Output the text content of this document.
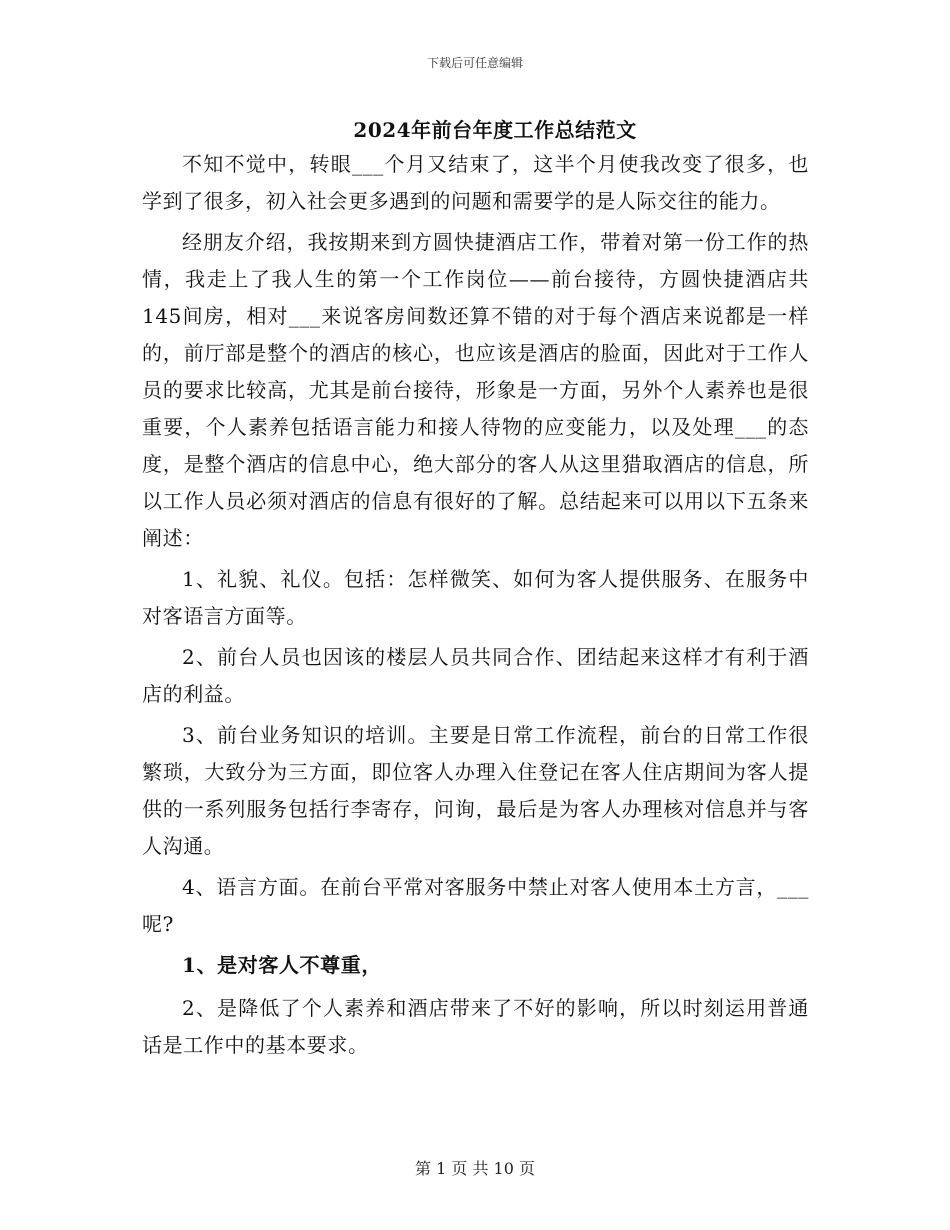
下载后可任意编辑
2024年前台年度工作总结范文

不知不觉中，转眼___个月又结束了，这半个月使我改变了很多，也学到了很多，初入社会更多遇到的问题和需要学的是人际交往的能力。

经朋友介绍，我按期来到方圆快捷酒店工作，带着对第一份工作的热情，我走上了我人生的第一个工作岗位——前台接待，方圆快捷酒店共145间房，相对___来说客房间数还算不错的对于每个酒店来说都是一样的，前厅部是整个的酒店的核心，也应该是酒店的脸面，因此对于工作人员的要求比较高，尤其是前台接待，形象是一方面，另外个人素养也是很重要，个人素养包括语言能力和接人待物的应变能力，以及处理___的态度，是整个酒店的信息中心，绝大部分的客人从这里猎取酒店的信息，所以工作人员必须对酒店的信息有很好的了解。总结起来可以用以下五条来阐述：

1、礼貌、礼仪。包括：怎样微笑、如何为客人提供服务、在服务中对客语言方面等。

2、前台人员也因该的楼层人员共同合作、团结起来这样才有利于酒店的利益。

3、前台业务知识的培训。主要是日常工作流程，前台的日常工作很繁琐，大致分为三方面，即位客人办理入住登记在客人住店期间为客人提供的一系列服务包括行李寄存，问询，最后是为客人办理核对信息并与客人沟通。

4、语言方面。在前台平常对客服务中禁止对客人使用本土方言，___呢?

1、是对客人不尊重，

2、是降低了个人素养和酒店带来了不好的影响，所以时刻运用普通话是工作中的基本要求。

第 1 页 共 10 页
